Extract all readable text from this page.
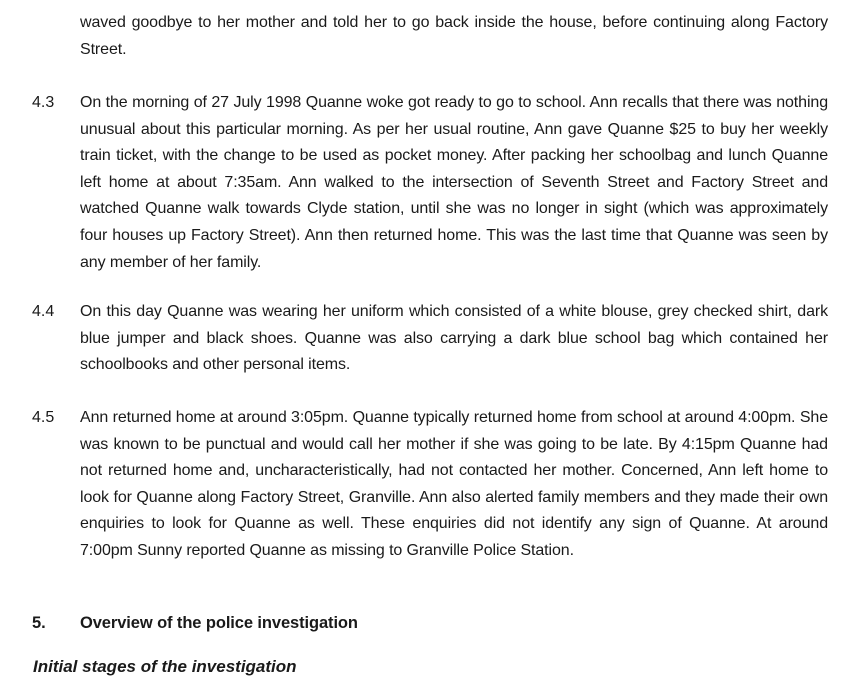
waved goodbye to her mother and told her to go back inside the house, before continuing along Factory Street.
4.3 On the morning of 27 July 1998 Quanne woke got ready to go to school. Ann recalls that there was nothing unusual about this particular morning. As per her usual routine, Ann gave Quanne $25 to buy her weekly train ticket, with the change to be used as pocket money. After packing her schoolbag and lunch Quanne left home at about 7:35am. Ann walked to the intersection of Seventh Street and Factory Street and watched Quanne walk towards Clyde station, until she was no longer in sight (which was approximately four houses up Factory Street). Ann then returned home. This was the last time that Quanne was seen by any member of her family.
4.4 On this day Quanne was wearing her uniform which consisted of a white blouse, grey checked shirt, dark blue jumper and black shoes. Quanne was also carrying a dark blue school bag which contained her schoolbooks and other personal items.
4.5 Ann returned home at around 3:05pm. Quanne typically returned home from school at around 4:00pm. She was known to be punctual and would call her mother if she was going to be late. By 4:15pm Quanne had not returned home and, uncharacteristically, had not contacted her mother. Concerned, Ann left home to look for Quanne along Factory Street, Granville. Ann also alerted family members and they made their own enquiries to look for Quanne as well. These enquiries did not identify any sign of Quanne. At around 7:00pm Sunny reported Quanne as missing to Granville Police Station.
5. Overview of the police investigation
Initial stages of the investigation
